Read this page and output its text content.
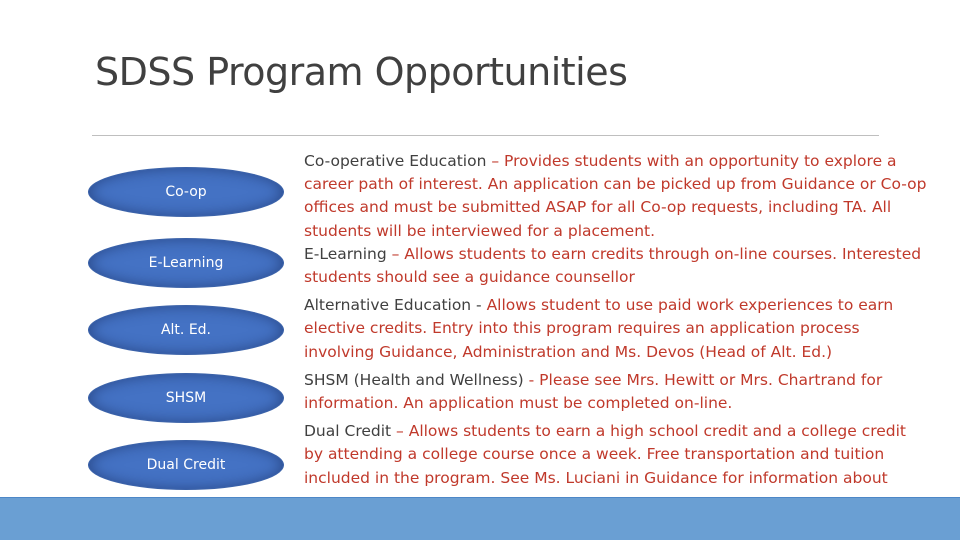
SDSS Program Opportunities
Co-op
E-Learning
Alt. Ed.
SHSM
Dual Credit

Co-operative Education – Provides students with an opportunity to explore a career path of interest. An application can be picked up from Guidance or Co-op offices and must be submitted ASAP for all Co-op requests, including TA. All students will be interviewed for a placement.

E-Learning – Allows students to earn credits through on-line courses. Interested students should see a guidance counsellor

Alternative Education - Allows student to use paid work experiences to earn elective credits. Entry into this program requires an application process involving Guidance, Administration and Ms. Devos (Head of Alt. Ed.)

SHSM (Health and Wellness) - Please see Mrs. Hewitt or Mrs. Chartrand for information. An application must be completed on-line.

Dual Credit – Allows students to earn a high school credit and a college credit by attending a college course once a week. Free transportation and tuition included in the program. See Ms. Luciani in Guidance for information about
